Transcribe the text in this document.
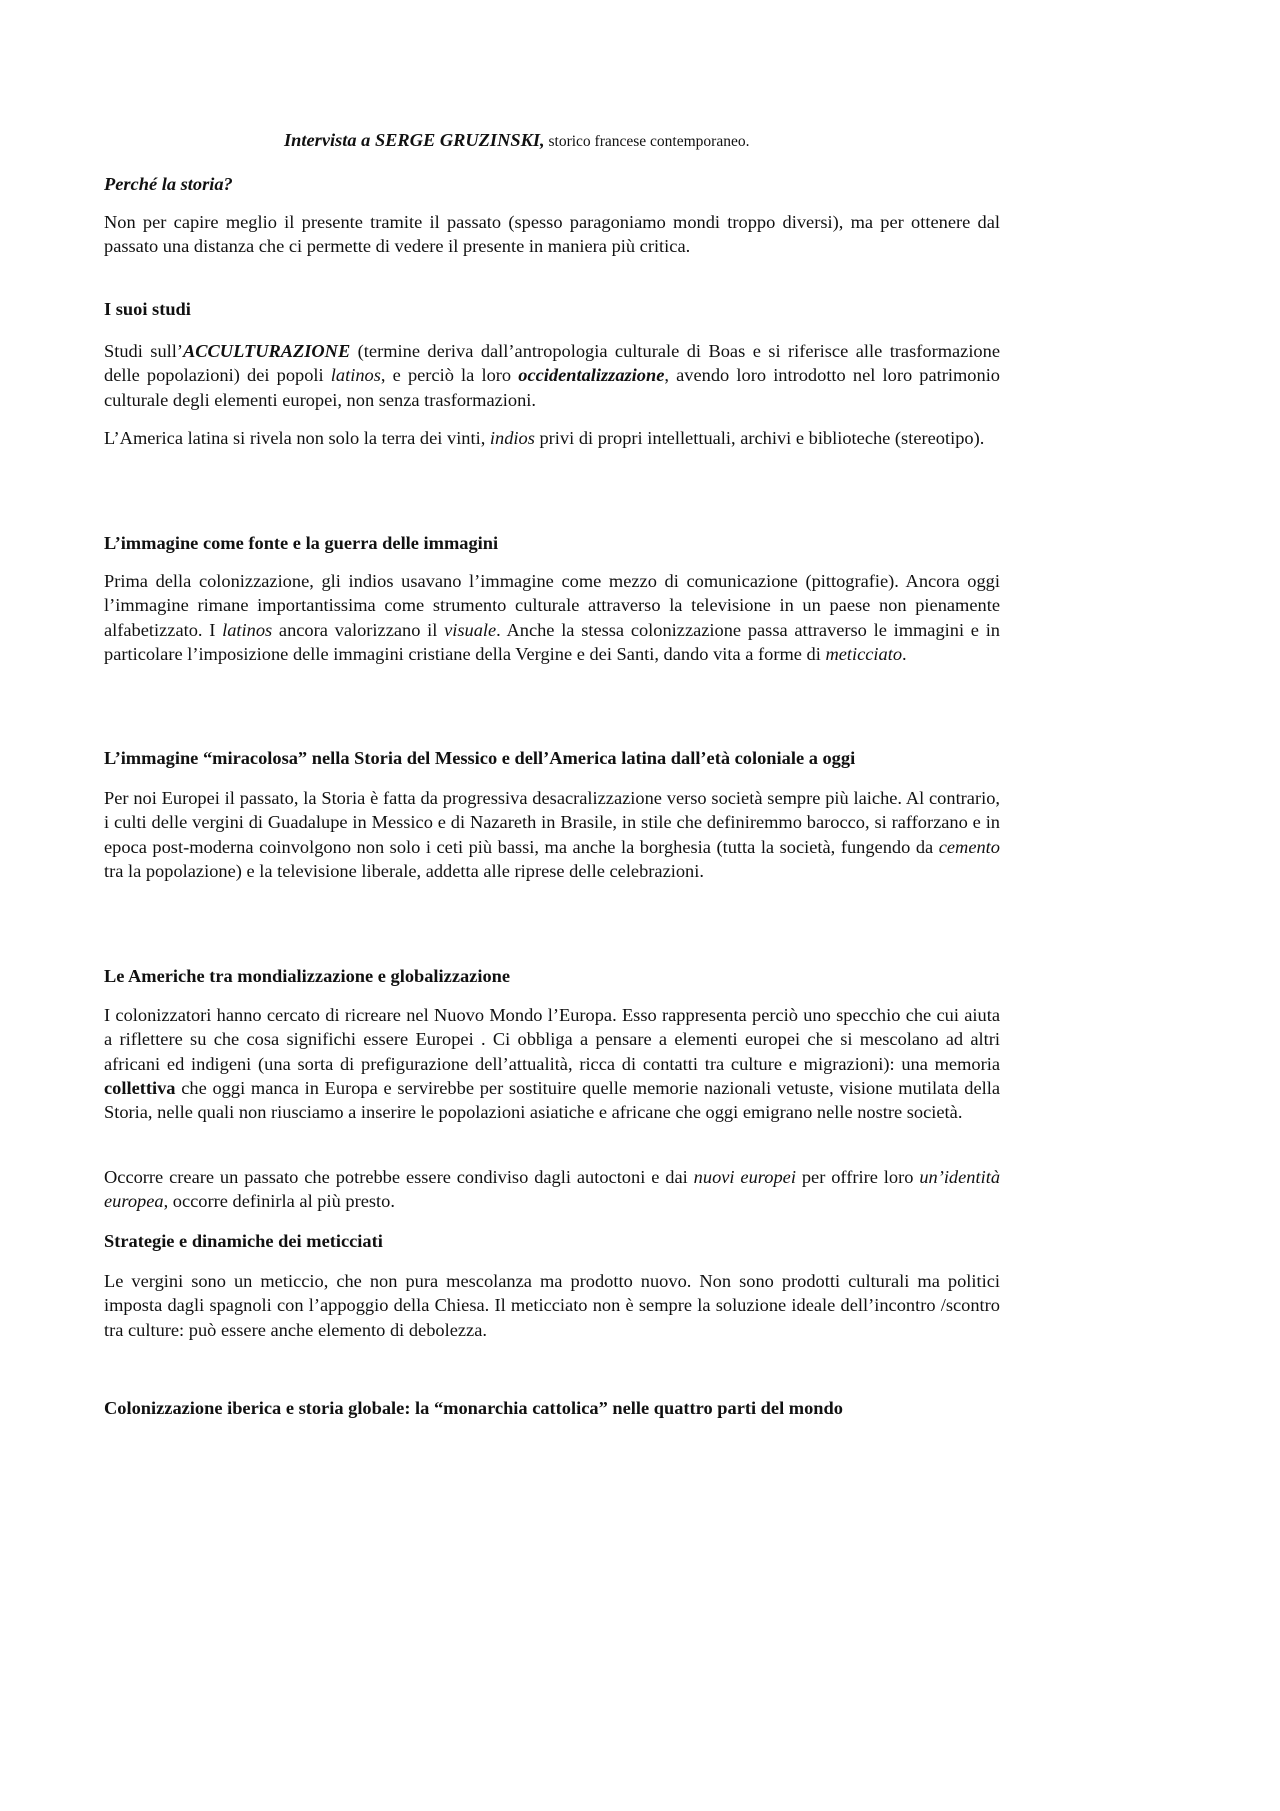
Intervista a SERGE GRUZINSKI, storico francese contemporaneo.
Perché la storia?
Non per capire meglio il presente tramite il passato (spesso paragoniamo mondi troppo diversi), ma per ottenere dal passato una distanza che ci permette di vedere il presente in maniera più critica.
I suoi studi
Studi sull’ACCULTURAZIONE (termine deriva dall’antropologia culturale di Boas e si riferisce alle trasformazione delle popolazioni) dei popoli latinos, e perciò la loro occidentalizzazione, avendo loro introdotto nel loro patrimonio culturale degli elementi europei, non senza trasformazioni.
L’America latina si rivela non solo la terra dei vinti, indios privi di propri intellettuali, archivi e biblioteche (stereotipo).
L’immagine come fonte e la guerra delle immagini
Prima della colonizzazione, gli indios usavano l’immagine come mezzo di comunicazione (pittografie). Ancora oggi l’immagine rimane importantissima come strumento culturale attraverso la televisione in un paese non pienamente alfabetizzato. I latinos ancora valorizzano il visuale. Anche la stessa colonizzazione passa attraverso le immagini e in particolare l’imposizione delle immagini cristiane della Vergine e dei Santi, dando vita a forme di meticciato.
L’immagine “miracolosa” nella Storia del Messico e dell’America latina dall’età coloniale a oggi
Per noi Europei il passato, la Storia è fatta da progressiva desacralizzazione verso società sempre più laiche. Al contrario, i culti delle vergini di Guadalupe in Messico e di Nazareth in Brasile, in stile che definiremmo barocco, si rafforzano e in epoca post-moderna coinvolgono non solo i ceti più bassi, ma anche la borghesia (tutta la società, fungendo da cemento tra la popolazione) e la televisione liberale, addetta alle riprese delle celebrazioni.
Le Americhe tra mondializzazione e globalizzazione
I colonizzatori hanno cercato di ricreare nel Nuovo Mondo l’Europa. Esso rappresenta perciò uno specchio che cui aiuta a riflettere su che cosa significhi essere Europei . Ci obbliga a pensare a elementi europei che si mescolano ad altri africani ed indigeni (una sorta di prefigurazione dell’attualità, ricca di contatti tra culture e migrazioni): una memoria collettiva che oggi manca in Europa e servirebbe per sostituire quelle memorie nazionali vetuste, visione mutilata della Storia, nelle quali non riusciamo a inserire le popolazioni asiatiche e africane che oggi emigrano nelle nostre società.
Occorre creare un passato che potrebbe essere condiviso dagli autoctoni e dai nuovi europei per offrire loro un’identità europea, occorre definirla al più presto.
Strategie e dinamiche dei meticciati
Le vergini sono un meticcio, che non pura mescolanza ma prodotto nuovo. Non sono prodotti culturali ma politici imposta dagli spagnoli con l’appoggio della Chiesa. Il meticciato non è sempre la soluzione ideale dell’incontro /scontro tra culture: può essere anche elemento di debolezza.
Colonizzazione iberica e storia globale: la “monarchia cattolica” nelle quattro parti del mondo
